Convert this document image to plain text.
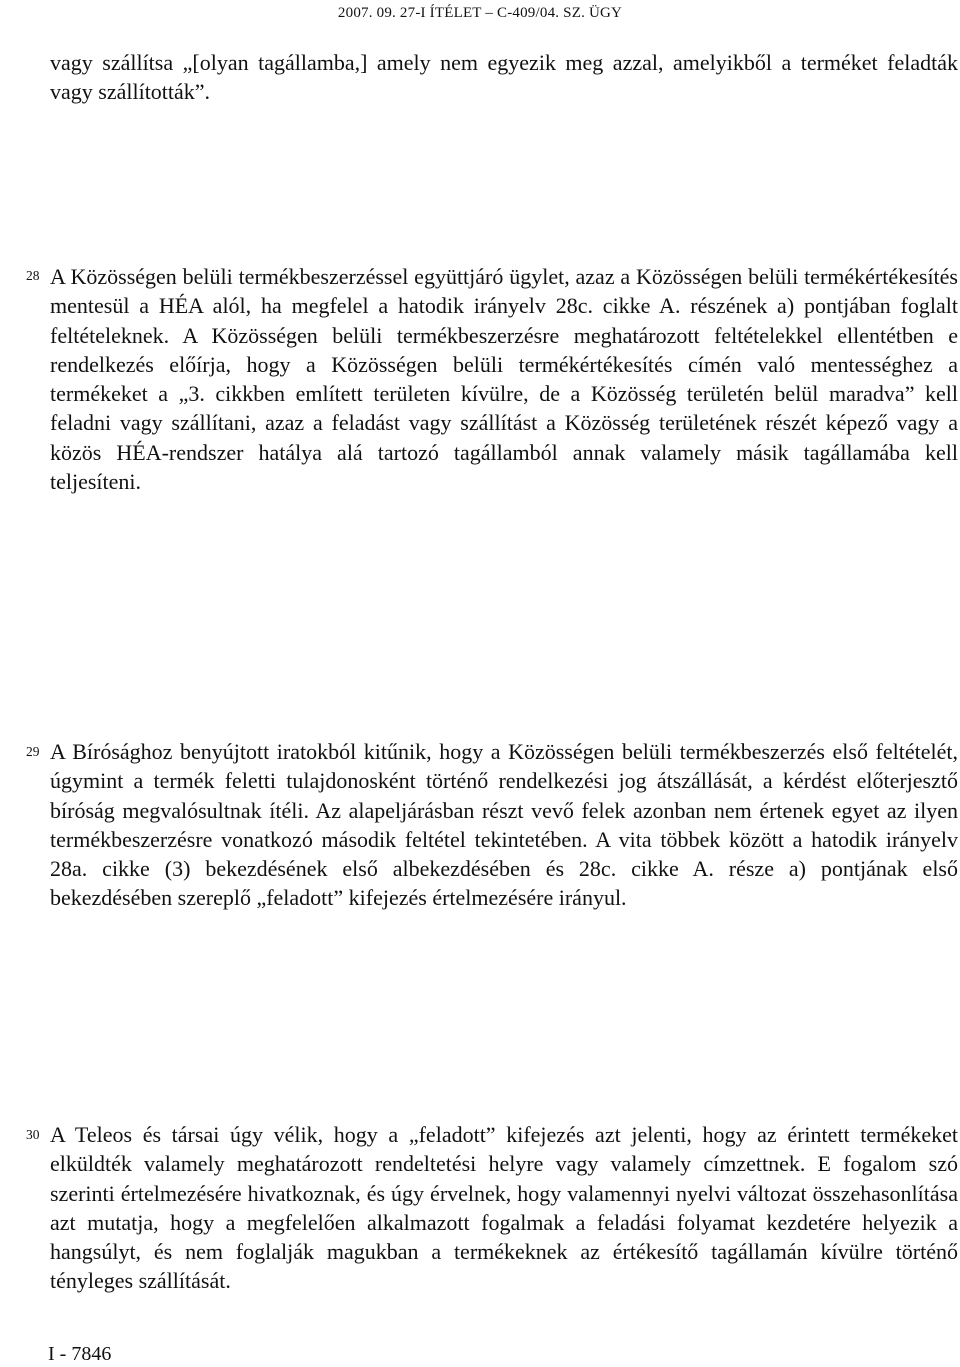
2007. 09. 27-I ÍTÉLET – C-409/04. SZ. ÜGY
vagy szállítsa „[olyan tagállamba,] amely nem egyezik meg azzal, amelyikből a terméket feladták vagy szállították”.
28 A Közösségen belüli termékbeszerzéssel együttjáró ügylet, azaz a Közösségen belüli termékértékesítés mentesül a HÉA alól, ha megfelel a hatodik irányelv 28c. cikke A. részének a) pontjában foglalt feltételeknek. A Közösségen belüli termékbeszerzésre meghatározott feltételekkel ellentétben e rendelkezés előírja, hogy a Közösségen belüli termékértékesítés címén való mentességhez a termékeket a „3. cikkben említett területen kívülre, de a Közösség területén belül maradva” kell feladni vagy szállítani, azaz a feladást vagy szállítást a Közösség területének részét képező vagy a közös HÉA-rendszer hatálya alá tartozó tagállamból annak valamely másik tagállamába kell teljesíteni.
29 A Bírósághoz benyújtott iratokból kitűnik, hogy a Közösségen belüli termékbeszerzés első feltételét, úgymint a termék feletti tulajdonosként történő rendelkezési jog átszállását, a kérdést előterjesztő bíróság megvalósultnak ítéli. Az alapeljárásban részt vevő felek azonban nem értenek egyet az ilyen termékbeszerzésre vonatkozó második feltétel tekintetében. A vita többek között a hatodik irányelv 28a. cikke (3) bekezdésének első albekezdésében és 28c. cikke A. része a) pontjának első bekezdésében szereplő „feladott” kifejezés értelmezésére irányul.
30 A Teleos és társai úgy vélik, hogy a „feladott” kifejezés azt jelenti, hogy az érintett termékeket elküldték valamely meghatározott rendeltetési helyre vagy valamely címzettnek. E fogalom szó szerinti értelmezésére hivatkoznak, és úgy érvelnek, hogy valamennyi nyelvi változat összehasonlítása azt mutatja, hogy a megfelelően alkalmazott fogalmak a feladási folyamat kezdetére helyezik a hangsúlyt, és nem foglalják magukban a termékeknek az értékesítő tagállamán kívülre történő tényleges szállítását.
I - 7846
